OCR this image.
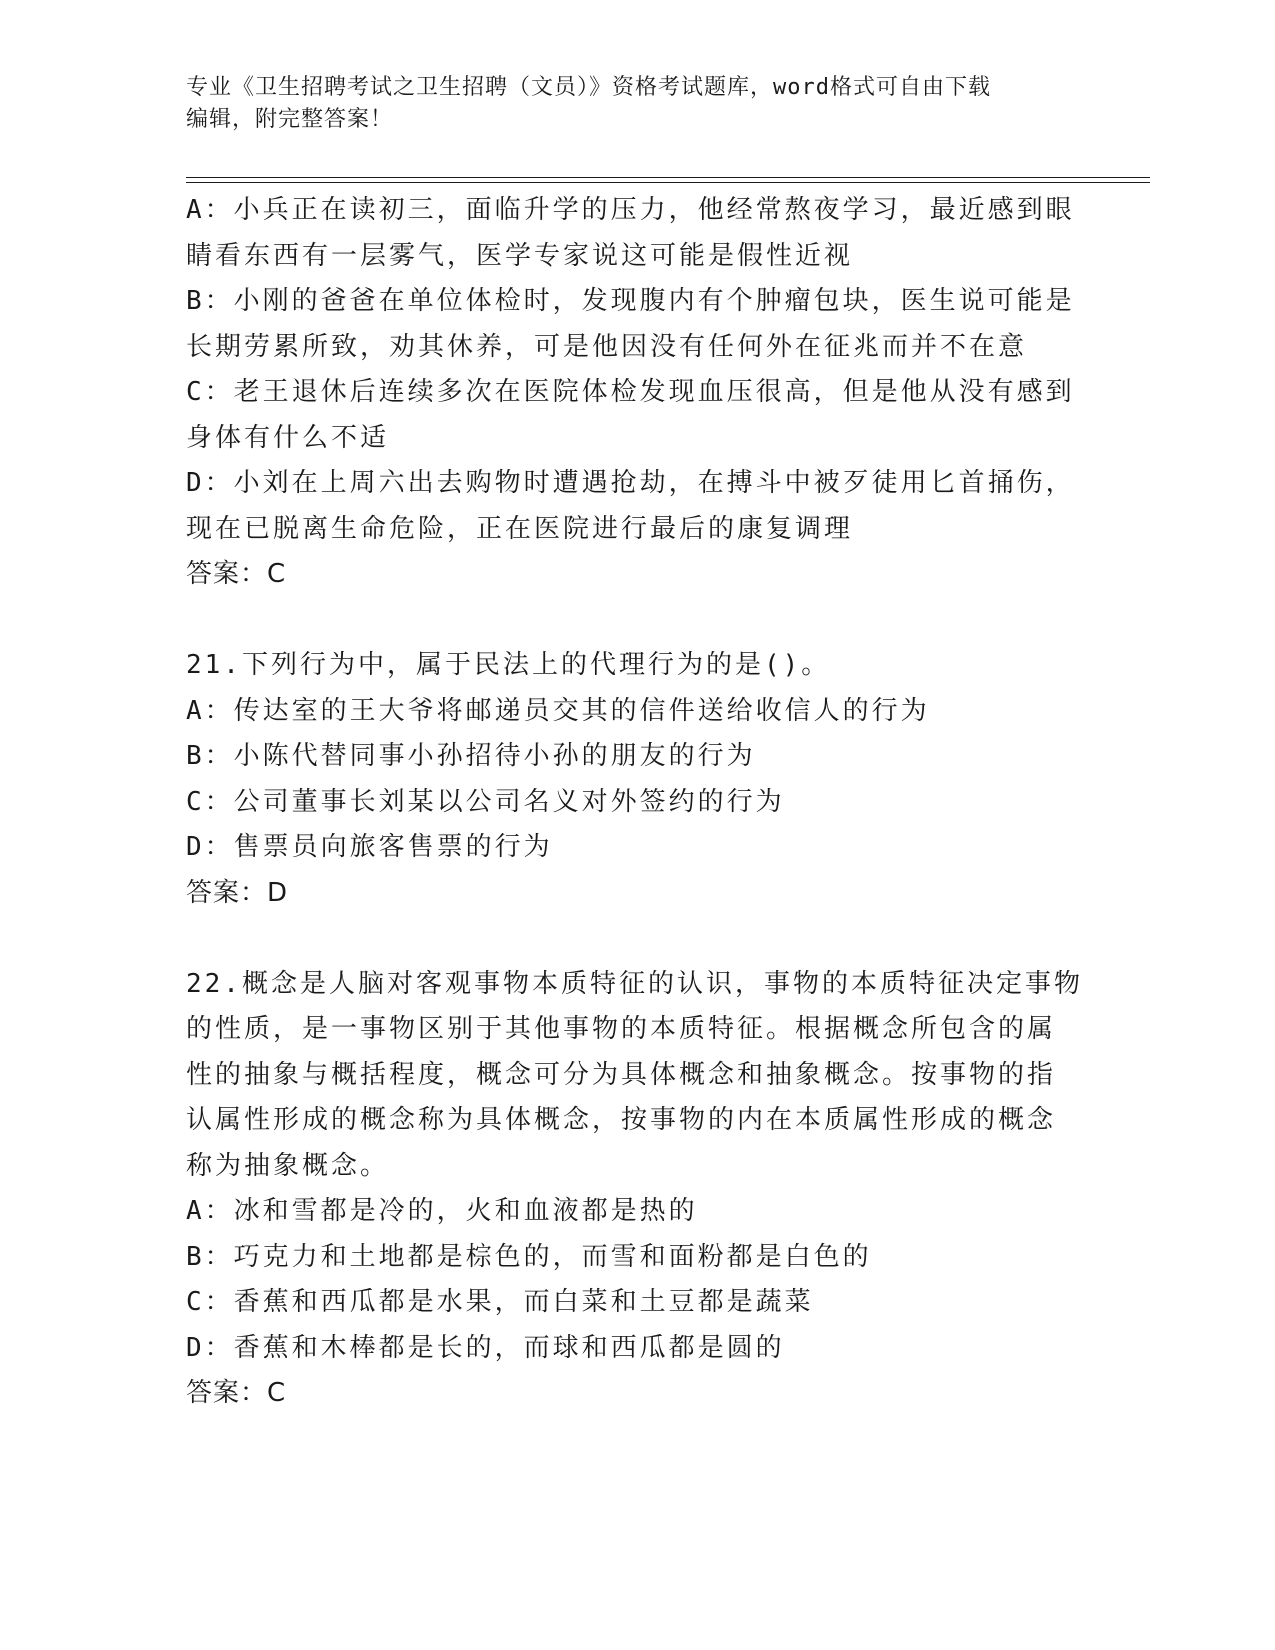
专业《卫生招聘考试之卫生招聘（文员）》资格考试题库，word格式可自由下载
编辑，附完整答案！
A：小兵正在读初三，面临升学的压力，他经常熬夜学习，最近感到眼
睛看东西有一层雾气，医学专家说这可能是假性近视
B：小刚的爸爸在单位体检时，发现腹内有个肿瘤包块，医生说可能是
长期劳累所致，劝其休养，可是他因没有任何外在征兆而并不在意
C：老王退休后连续多次在医院体检发现血压很高，但是他从没有感到
身体有什么不适
D：小刘在上周六出去购物时遭遇抢劫，在搏斗中被歹徒用匕首捅伤，
现在已脱离生命危险，正在医院进行最后的康复调理
答案：C
21.下列行为中，属于民法上的代理行为的是()。
A：传达室的王大爷将邮递员交其的信件送给收信人的行为
B：小陈代替同事小孙招待小孙的朋友的行为
C：公司董事长刘某以公司名义对外签约的行为
D：售票员向旅客售票的行为
答案：D
22.概念是人脑对客观事物本质特征的认识，事物的本质特征决定事物
的性质，是一事物区别于其他事物的本质特征。根据概念所包含的属
性的抽象与概括程度，概念可分为具体概念和抽象概念。按事物的指
认属性形成的概念称为具体概念，按事物的内在本质属性形成的概念
称为抽象概念。
A：冰和雪都是冷的，火和血液都是热的
B：巧克力和土地都是棕色的，而雪和面粉都是白色的
C：香蕉和西瓜都是水果，而白菜和土豆都是蔬菜
D：香蕉和木棒都是长的，而球和西瓜都是圆的
答案：C
